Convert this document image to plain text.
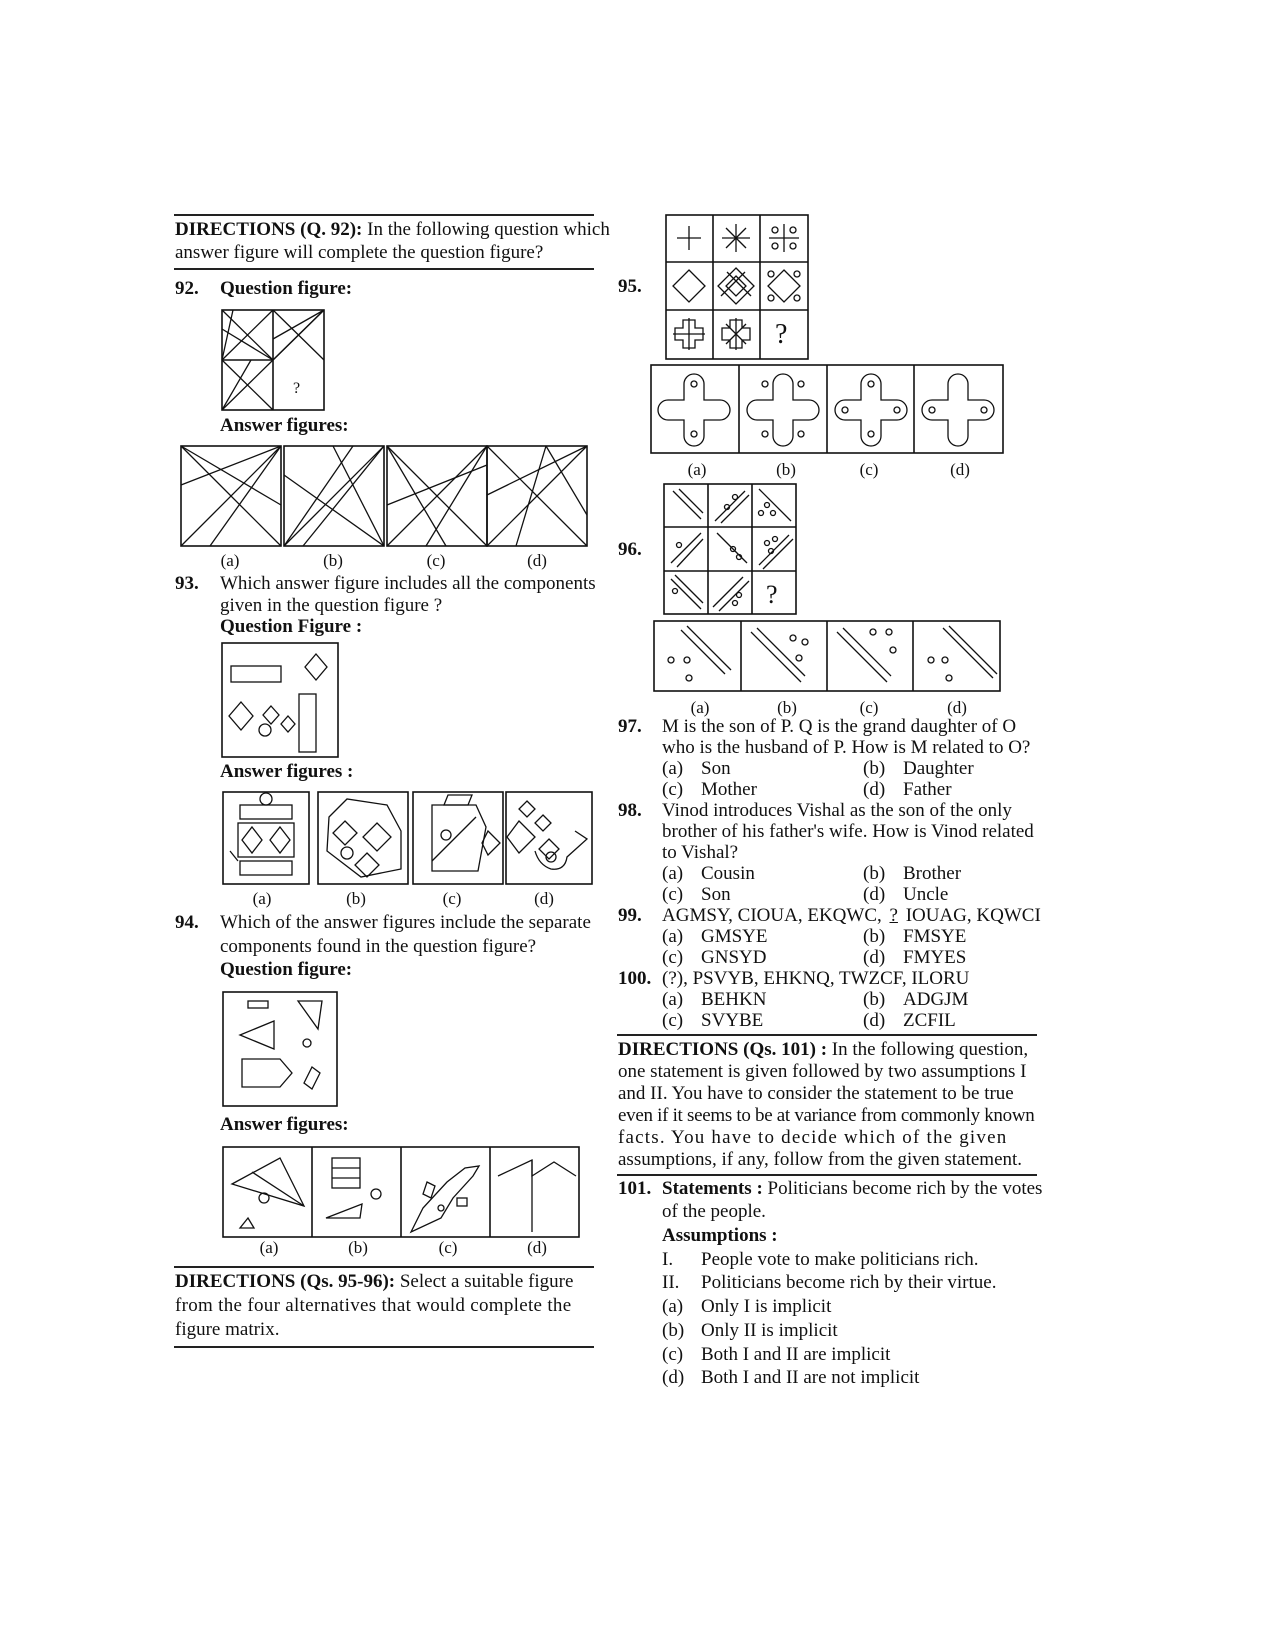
DIRECTIONS (Q. 92): In the following question which
answer figure will complete the question figure?
92. Question figure:
?
Answer figures:
(a)	(b)	(c)	(d)
93. Which answer figure includes all the components
given in the question figure ?
Question Figure :
Answer figures :
(a)	(b)	(c)	(d)
94. Which of the answer figures include the separate
components found in the question figure?
Question figure:
Answer figures:
(a)	(b)	(c)	(d)
DIRECTIONS (Qs. 95-96): Select a suitable figure
from the four alternatives that would complete the
figure matrix.
95.
?
(a)	(b)	(c)	(d)
96.
?
(a)	(b)	(c)	(d)
97. M is the son of P. Q is the grand daughter of O
who is the husband of P. How is M related to O?
(a) Son	(b) Daughter
(c) Mother	(d) Father
98. Vinod introduces Vishal as the son of the only
brother of his father's wife. How is Vinod related
to Vishal?
(a) Cousin	(b) Brother
(c) Son	(d) Uncle
99. AGMSY, CIOUA, EKQWC, ? IOUAG, KQWCI
(a) GMSYE	(b) FMSYE
(c) GNSYD	(d) FMYES
100. (?), PSVYB, EHKNQ, TWZCF, ILORU
(a) BEHKN	(b) ADGJM
(c) SVYBE	(d) ZCFIL
DIRECTIONS (Qs. 101) : In the following question,
one statement is given followed by two assumptions I
and II. You have to consider the statement to be true
even if it seems to be at variance from commonly known
facts. You have to decide which of the given
assumptions, if any, follow from the given statement.
101. Statements : Politicians become rich by the votes
of the people.
Assumptions :
I. People vote to make politicians rich.
II. Politicians become rich by their virtue.
(a) Only I is implicit
(b) Only II is implicit
(c) Both I and II are implicit
(d) Both I and II are not implicit
